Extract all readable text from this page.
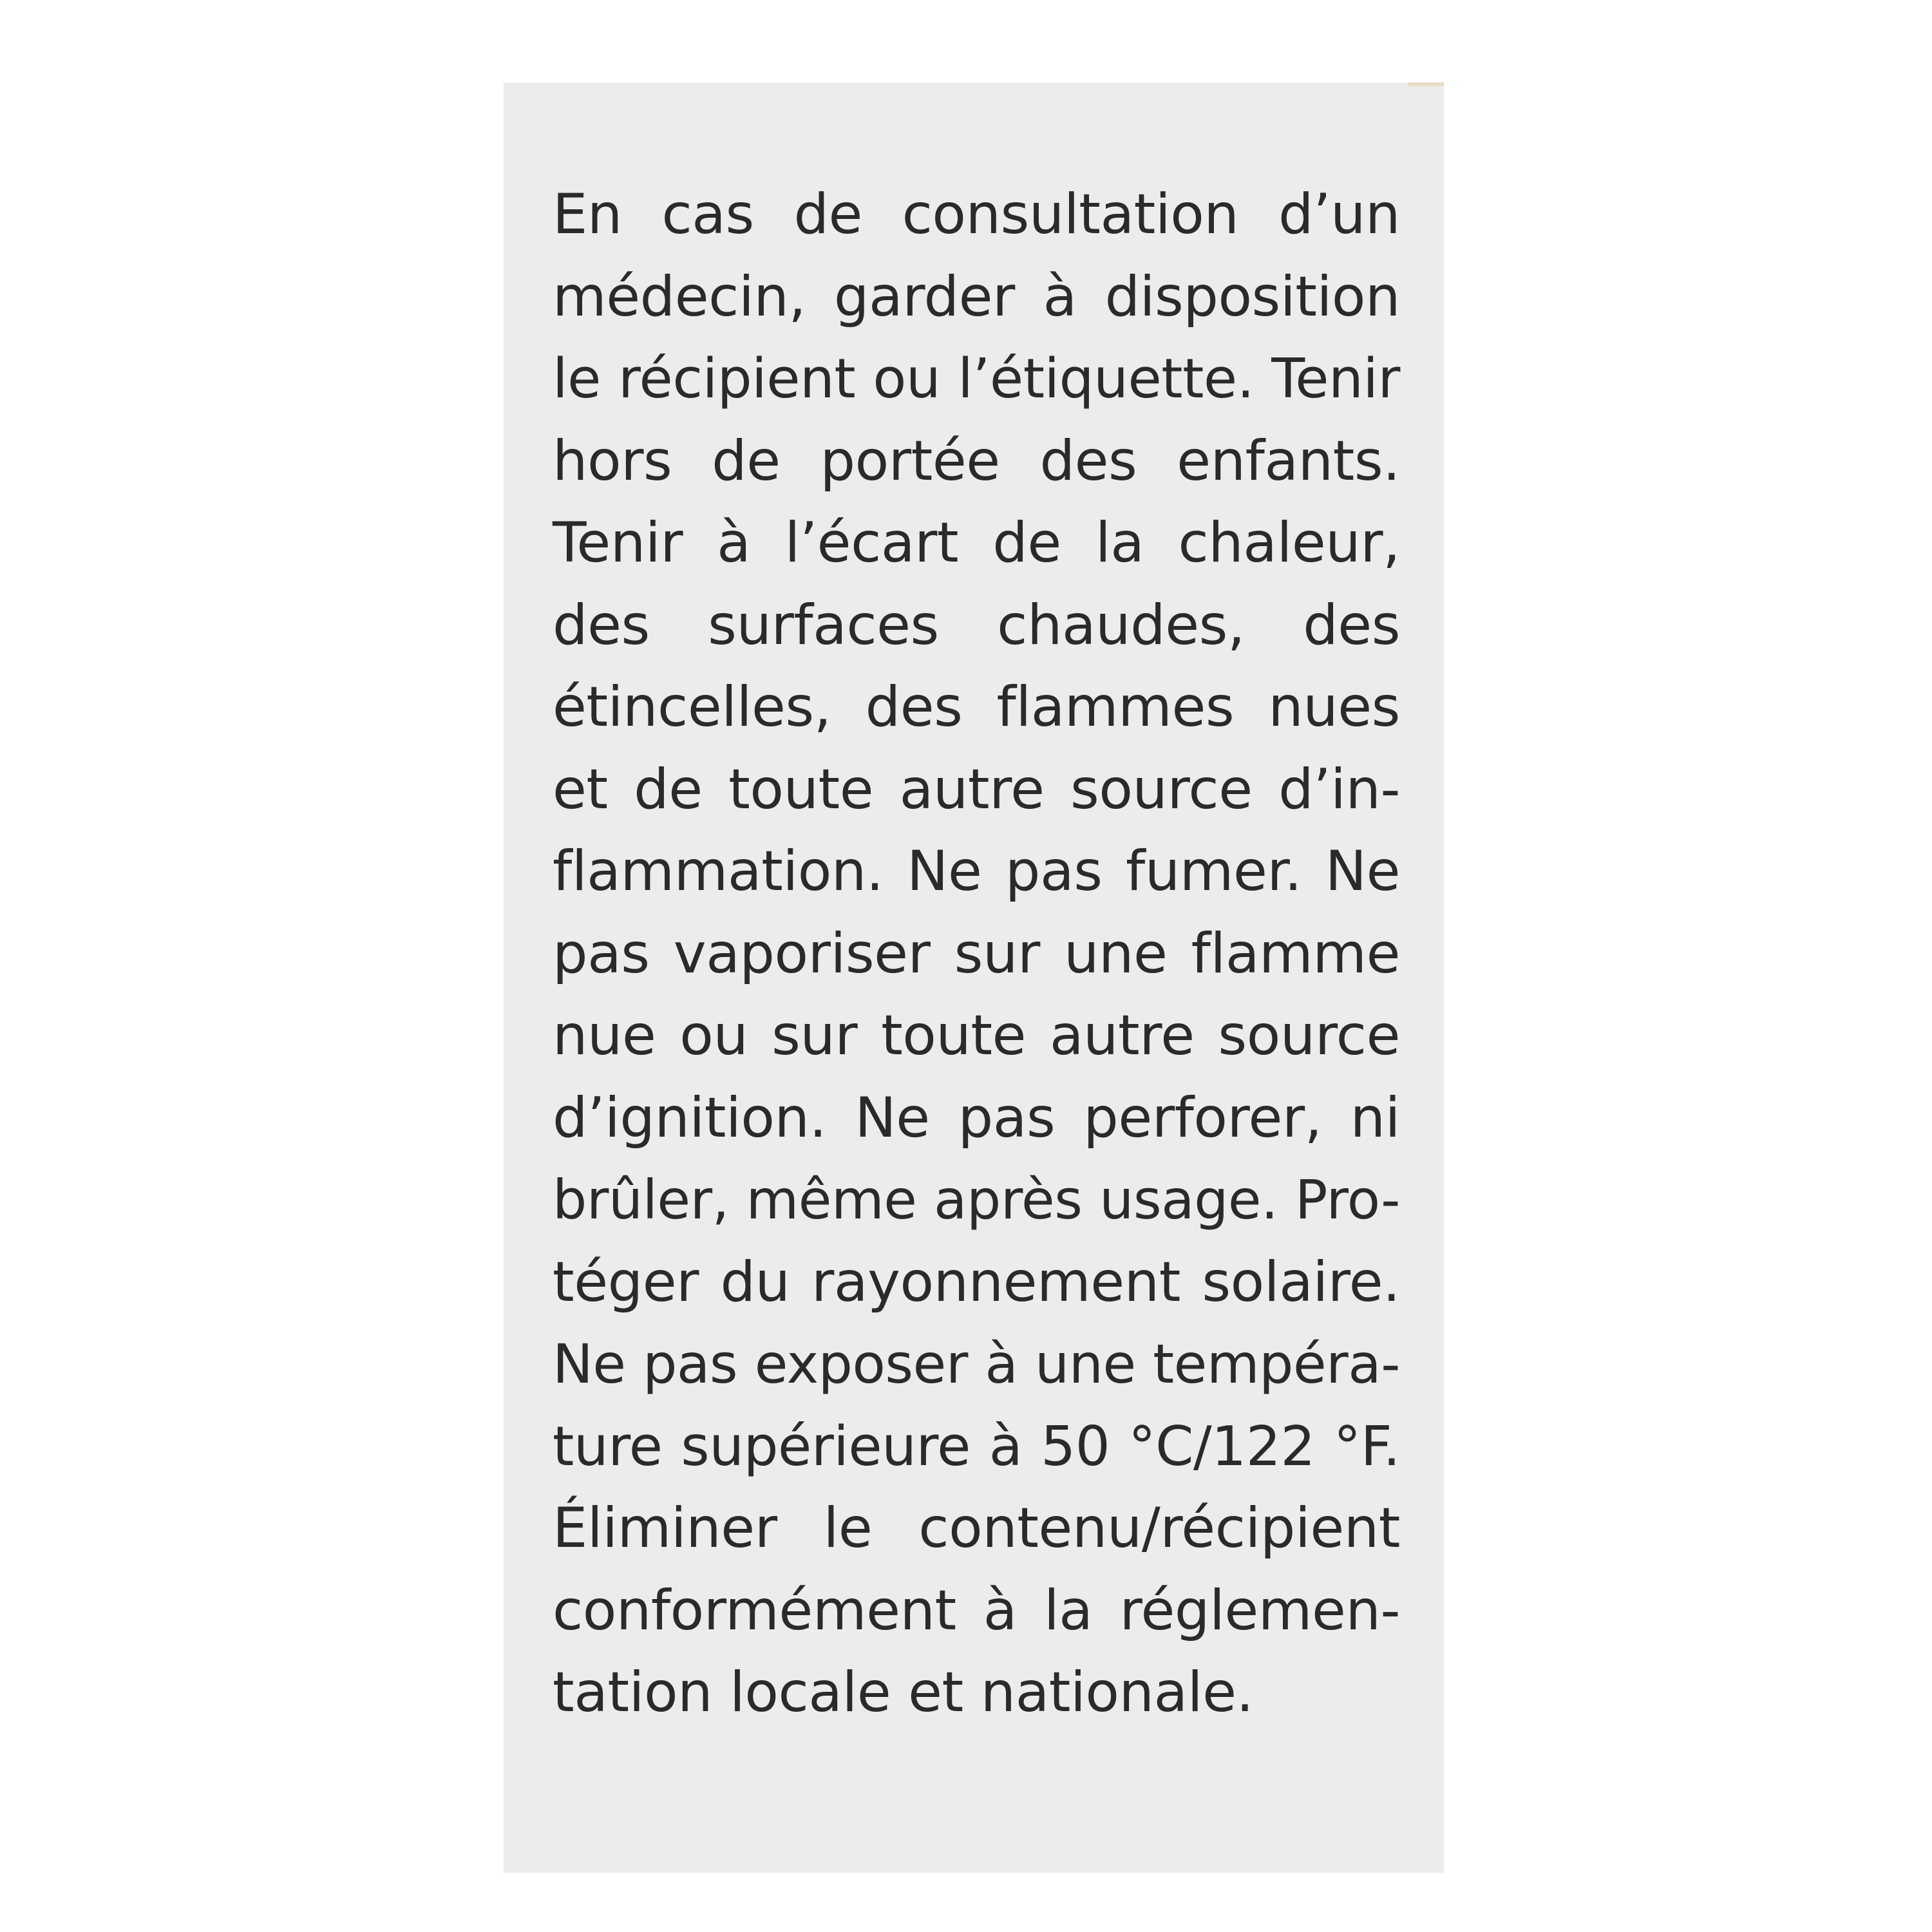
En cas de consultation d’un
médecin, garder à disposition
le récipient ou l’étiquette. Tenir
hors de portée des enfants.
Tenir à l’écart de la chaleur,
des surfaces chaudes, des
étincelles, des flammes nues
et de toute autre source d’in-
flammation. Ne pas fumer. Ne
pas vaporiser sur une flamme
nue ou sur toute autre source
d’ignition. Ne pas perforer, ni
brûler, même après usage. Pro-
téger du rayonnement solaire.
Ne pas exposer à une tempéra-
ture supérieure à 50 °C/122 °F.
Éliminer le contenu/récipient
conformément à la réglemen-
tation locale et nationale.
